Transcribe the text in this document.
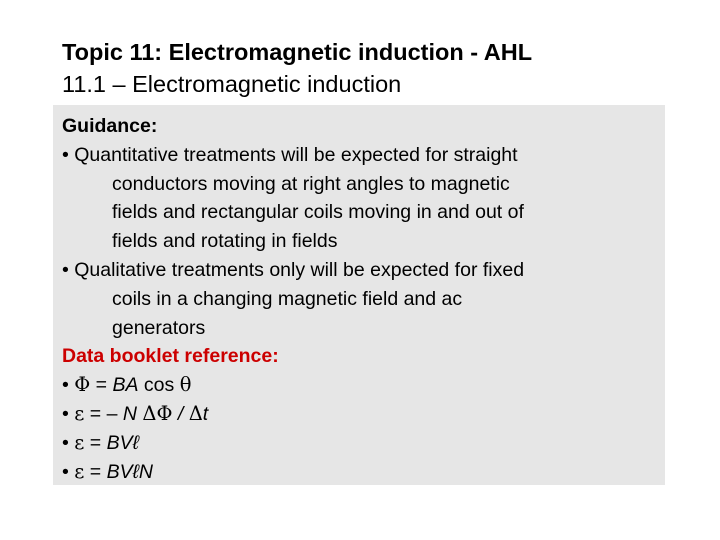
Topic 11: Electromagnetic induction - AHL
11.1 – Electromagnetic induction
Guidance:
• Quantitative treatments will be expected for straight
conductors moving at right angles to magnetic
fields and rectangular coils moving in and out of
fields and rotating in fields
• Qualitative treatments only will be expected for fixed
coils in a changing magnetic field and ac
generators
Data booklet reference:
• Φ = BA cos θ
• ε = – N ΔΦ / Δt
• ε = BVℓ
• ε = BVℓN
